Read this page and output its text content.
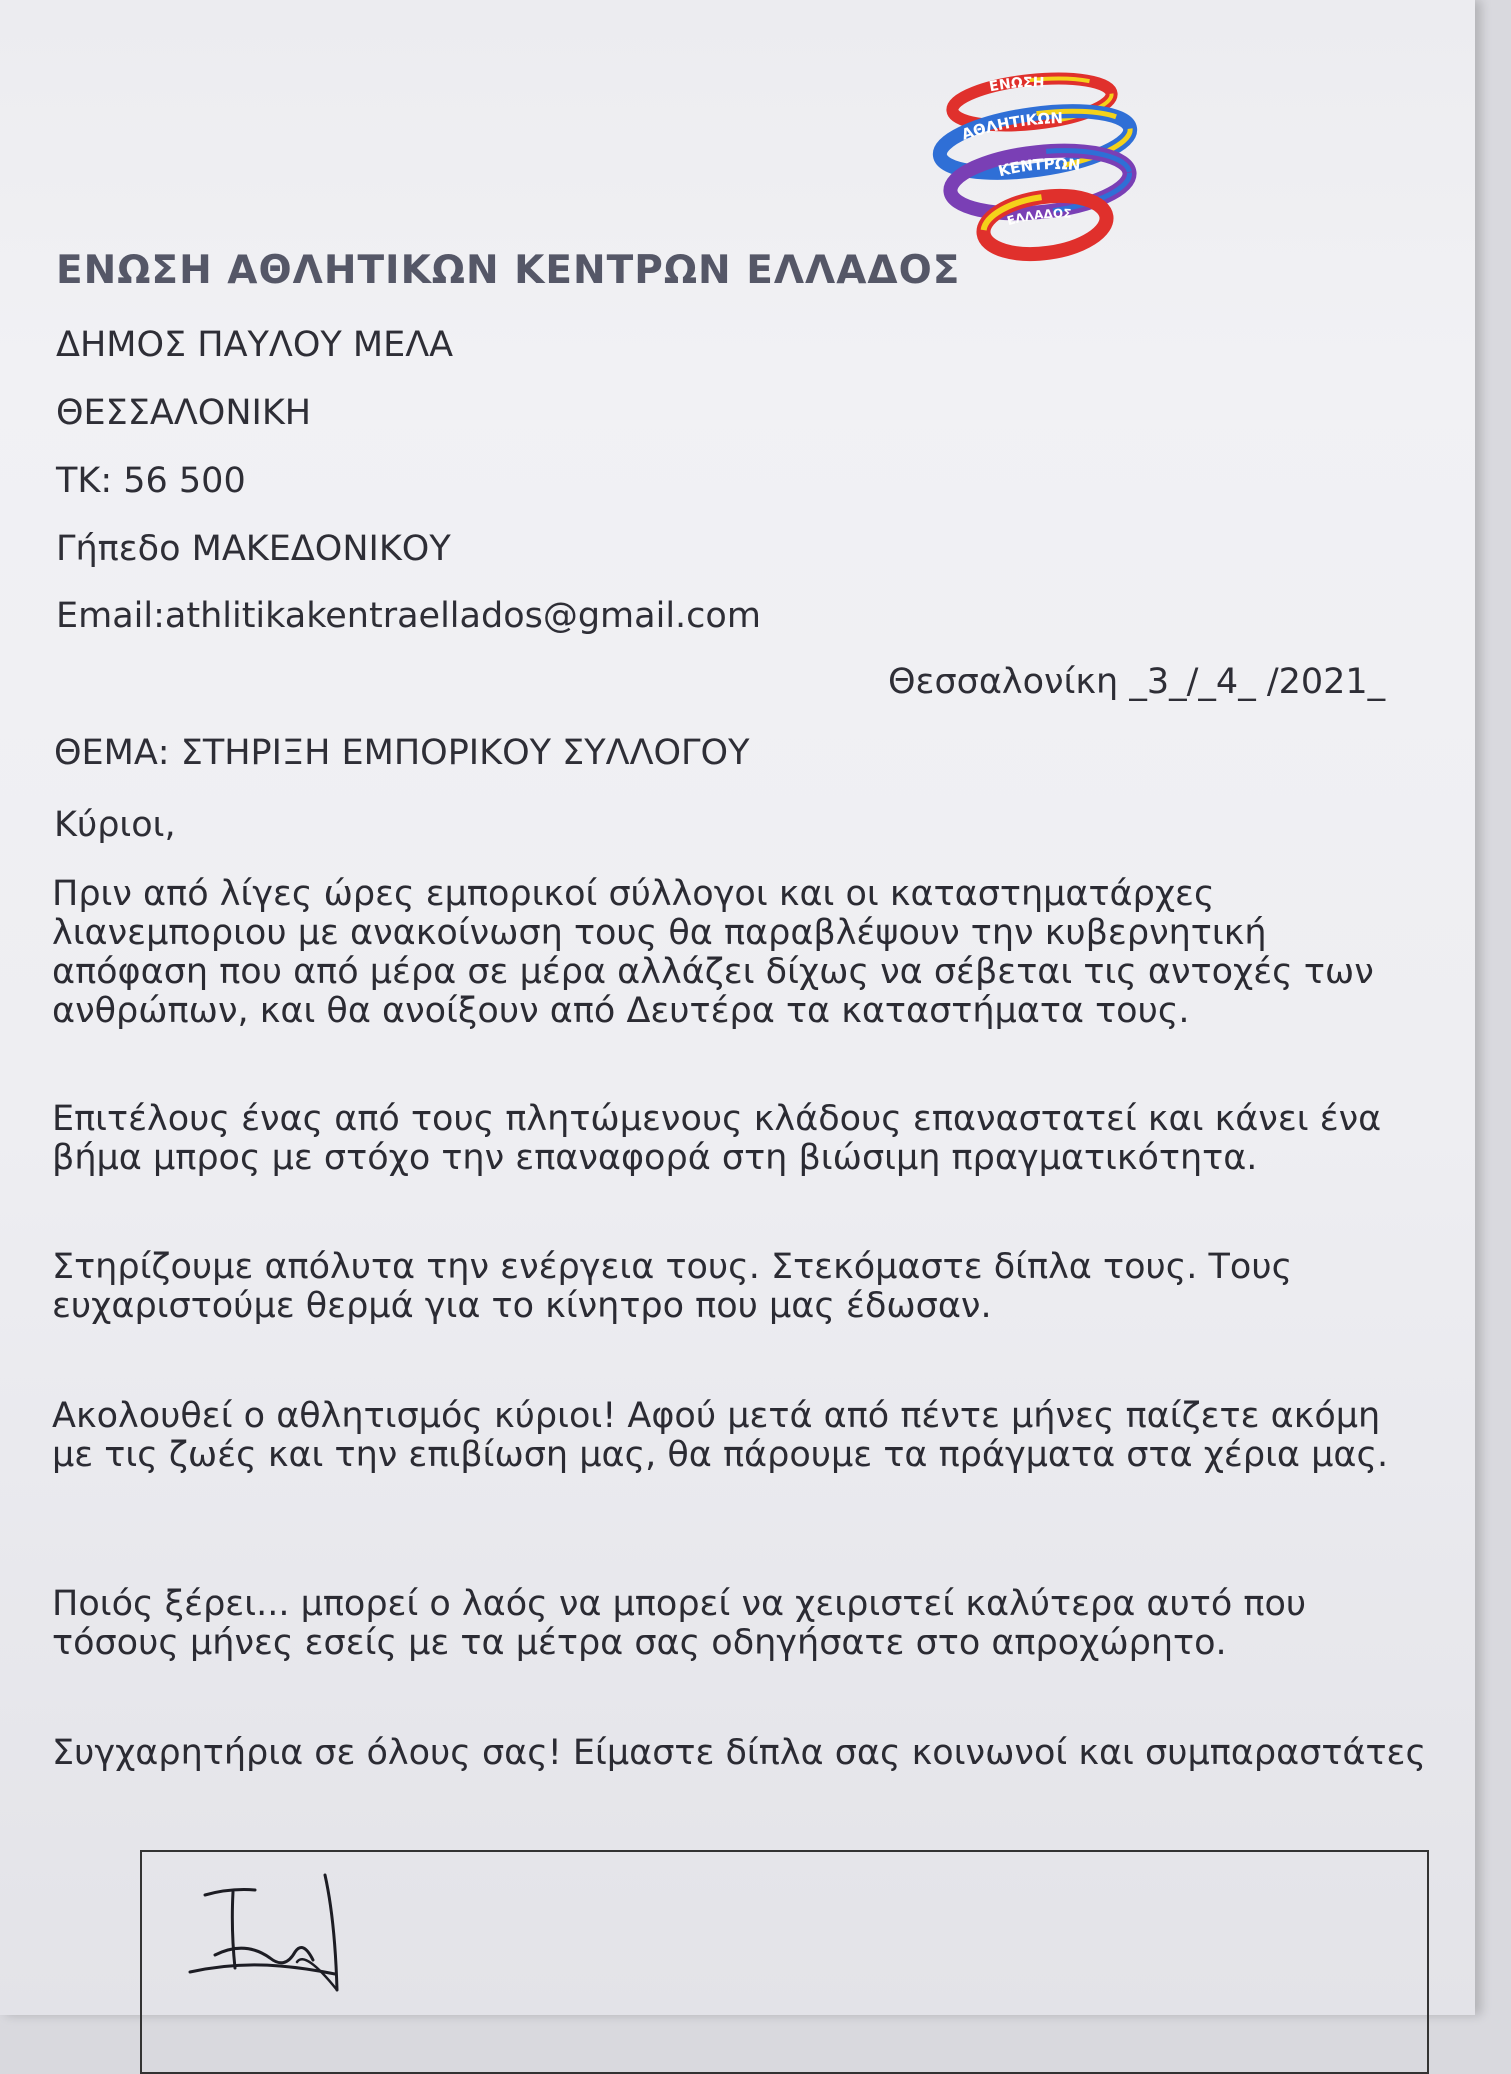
ΕΝΩΣΗ
ΑΘΛΗΤΙΚΩΝ
ΚΕΝΤΡΩΝ
ΕΛΛΑΔΟΣ
ΕΝΩΣΗ ΑΘΛΗΤΙΚΩΝ ΚΕΝΤΡΩΝ ΕΛΛΑΔΟΣ
ΔΗΜΟΣ ΠΑΥΛΟΥ ΜΕΛΑ
ΘΕΣΣΑΛΟΝΙΚΗ
ΤΚ: 56 500
Γήπεδο ΜΑΚΕΔΟΝΙΚΟΥ
Email:athlitikakentraellados@gmail.com
Θεσσαλονίκη _3_/_4_ /2021_
ΘΕΜΑ: ΣΤΗΡΙΞΗ ΕΜΠΟΡΙΚΟΥ ΣΥΛΛΟΓΟΥ
Κύριοι,
Πριν από λίγες ώρες εμπορικοί σύλλογοι και οι καταστηματάρχες λιανεμποριου με ανακοίνωση τους θα παραβλέψουν την κυβερνητική απόφαση που από μέρα σε μέρα αλλάζει δίχως να σέβεται τις αντοχές των ανθρώπων, και θα ανοίξουν από Δευτέρα τα καταστήματα τους.
Επιτέλους ένας από τους πλητώμενους κλάδους επαναστατεί και κάνει ένα βήμα μπρος με στόχο την επαναφορά στη βιώσιμη πραγματικότητα.
Στηρίζουμε απόλυτα την ενέργεια τους. Στεκόμαστε δίπλα τους. Τους ευχαριστούμε θερμά για το κίνητρο που μας έδωσαν.
Ακολουθεί ο αθλητισμός κύριοι! Αφού μετά από πέντε μήνες παίζετε ακόμη με τις ζωές και την επιβίωση μας, θα πάρουμε τα πράγματα στα χέρια μας.
Ποιός ξέρει... μπορεί ο λαός να μπορεί να χειριστεί καλύτερα αυτό που τόσους μήνες εσείς με τα μέτρα σας οδηγήσατε στο απροχώρητο.
Συγχαρητήρια σε όλους σας! Είμαστε δίπλα σας κοινωνοί και συμπαραστάτες
